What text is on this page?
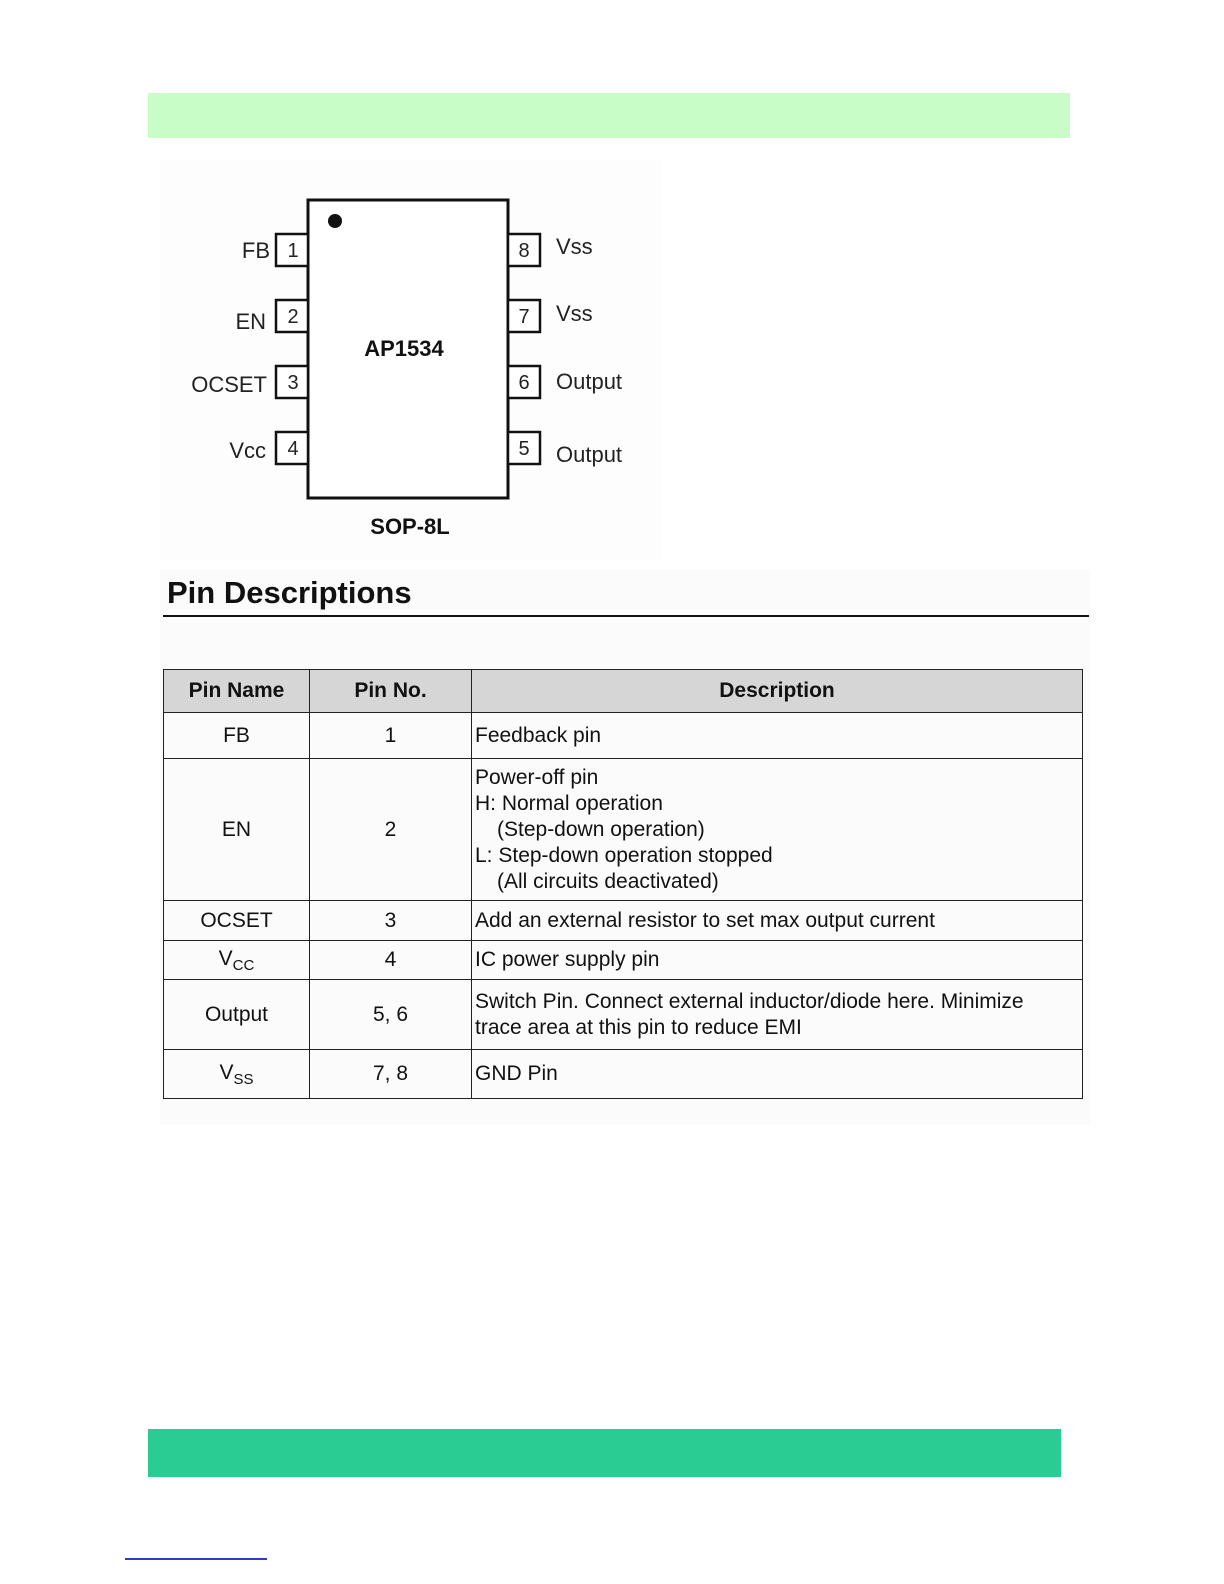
AP1534
SOP-8L
1
FB
2
EN
3
OCSET
4
Vcc
8 Vss
7 Vss
6 Output
5 Output
Pin Descriptions
Pin Name	Pin No.	Description
FB	1	Feedback pin

EN	2	Power-off pin
H: Normal operation
(Step-down operation)
L: Step-down operation stopped
(All circuits deactivated)

OCSET	3	Add an external resistor to set max output current

$V_{CC}$	4	IC power supply pin

Output	5, 6	Switch Pin. Connect external inductor/diode here. Minimize
trace area at this pin to reduce EMI

$V_{SS}$	7, 8	GND Pin
